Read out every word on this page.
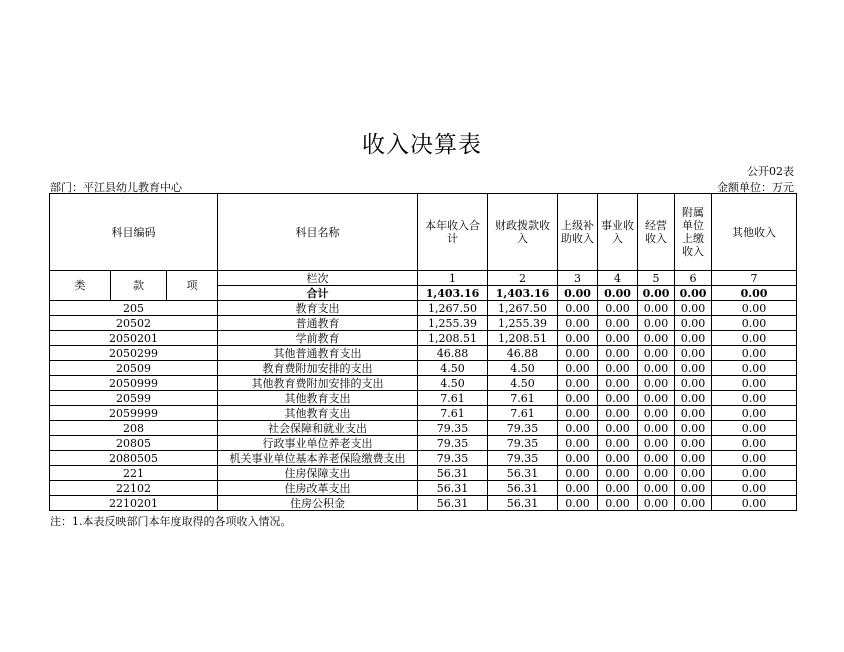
收入决算表
公开02表
部门：平江县幼儿教育中心	金额单位：万元
科目编码			科目名称	本年收入合计	财政拨款收入	上级补助收入	事业收入	经营收入	附属单位上缴收入	其他收入
类	款	项	栏次	1	2	3	4	5	6	7
			合计	1,403.16	1,403.16	0.00	0.00	0.00	0.00	0.00
205			教育支出	1,267.50	1,267.50	0.00	0.00	0.00	0.00	0.00
20502			普通教育	1,255.39	1,255.39	0.00	0.00	0.00	0.00	0.00
2050201			学前教育	1,208.51	1,208.51	0.00	0.00	0.00	0.00	0.00
2050299			其他普通教育支出	46.88	46.88	0.00	0.00	0.00	0.00	0.00
20509			教育费附加安排的支出	4.50	4.50	0.00	0.00	0.00	0.00	0.00
2050999			其他教育费附加安排的支出	4.50	4.50	0.00	0.00	0.00	0.00	0.00
20599			其他教育支出	7.61	7.61	0.00	0.00	0.00	0.00	0.00
2059999			其他教育支出	7.61	7.61	0.00	0.00	0.00	0.00	0.00
208			社会保障和就业支出	79.35	79.35	0.00	0.00	0.00	0.00	0.00
20805			行政事业单位养老支出	79.35	79.35	0.00	0.00	0.00	0.00	0.00
2080505			机关事业单位基本养老保险缴费支出	79.35	79.35	0.00	0.00	0.00	0.00	0.00
221			住房保障支出	56.31	56.31	0.00	0.00	0.00	0.00	0.00
22102			住房改革支出	56.31	56.31	0.00	0.00	0.00	0.00	0.00
2210201			住房公积金	56.31	56.31	0.00	0.00	0.00	0.00	0.00
注：1.本表反映部门本年度取得的各项收入情况。
